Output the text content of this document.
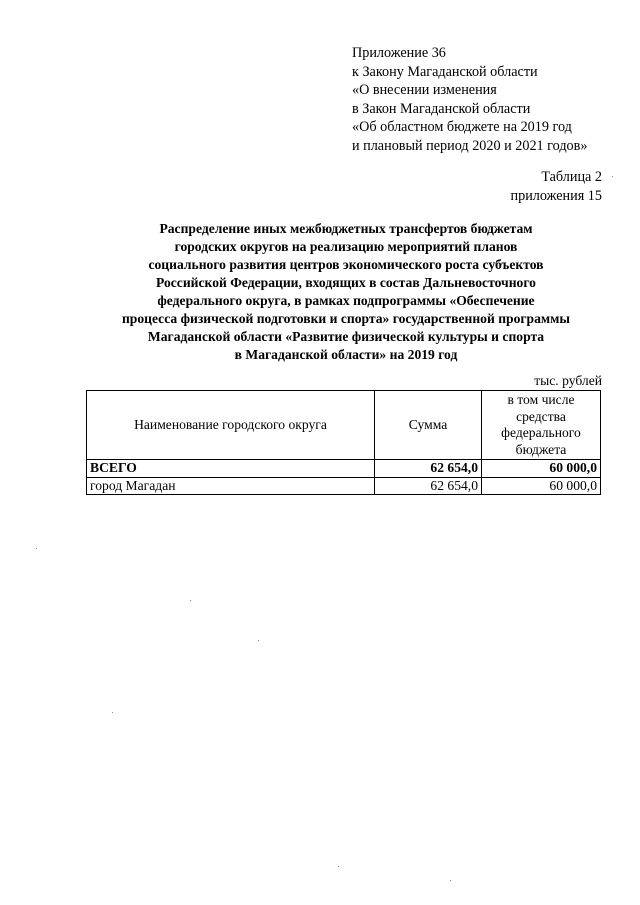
Приложение 36
к Закону Магаданской области
«О внесении изменения
в Закон Магаданской области
«Об областном бюджете на 2019 год
и плановый период 2020 и 2021 годов»
Таблица 2
приложения 15
Распределение иных межбюджетных трансфертов бюджетам
городских округов на реализацию мероприятий планов
социального развития центров экономического роста субъектов
Российской Федерации, входящих в состав Дальневосточного
федерального округа, в рамках подпрограммы «Обеспечение
процесса физической подготовки и спорта» государственной программы
Магаданской области «Развитие физической культуры и спорта
в Магаданской области» на 2019 год
тыс. рублей
Наименование городского округа	Сумма	в том числе средства федерального бюджета
ВСЕГО	62 654,0	60 000,0
город Магадан	62 654,0	60 000,0
